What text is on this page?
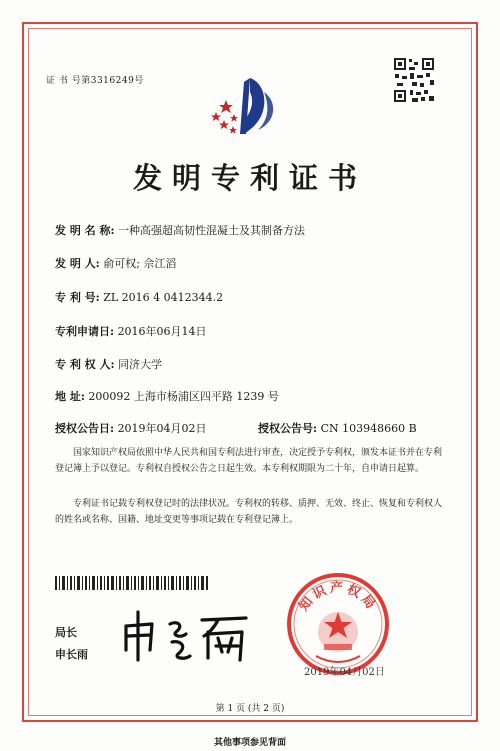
证 书 号第3316249号
发明专利证书
发 明 名 称: 一种高强超高韧性混凝土及其制备方法
发 明 人: 俞可权; 佘江滔
专 利 号: ZL 2016 4 0412344.2
专利申请日: 2016年06月14日
专 利 权 人: 同济大学
地 址: 200092 上海市杨浦区四平路 1239 号
授权公告日: 2019年04月02日	授权公告号: CN 103948660 B

国家知识产权局依照中华人民共和国专利法进行审查，决定授予专利权，颁发本证书并在专利登记簿上予以登记。专利权自授权公告之日起生效。本专利权期限为二十年，自申请日起算。

专利证书记载专利权登记时的法律状况。专利权的转移、质押、无效、终止、恢复和专利权人的姓名或名称、国籍、地址变更等事项记载在专利登记簿上。

局长
申长雨
知识产权局
2019年04月02日
第 1 页 (共 2 页)
其他事项参见背面
